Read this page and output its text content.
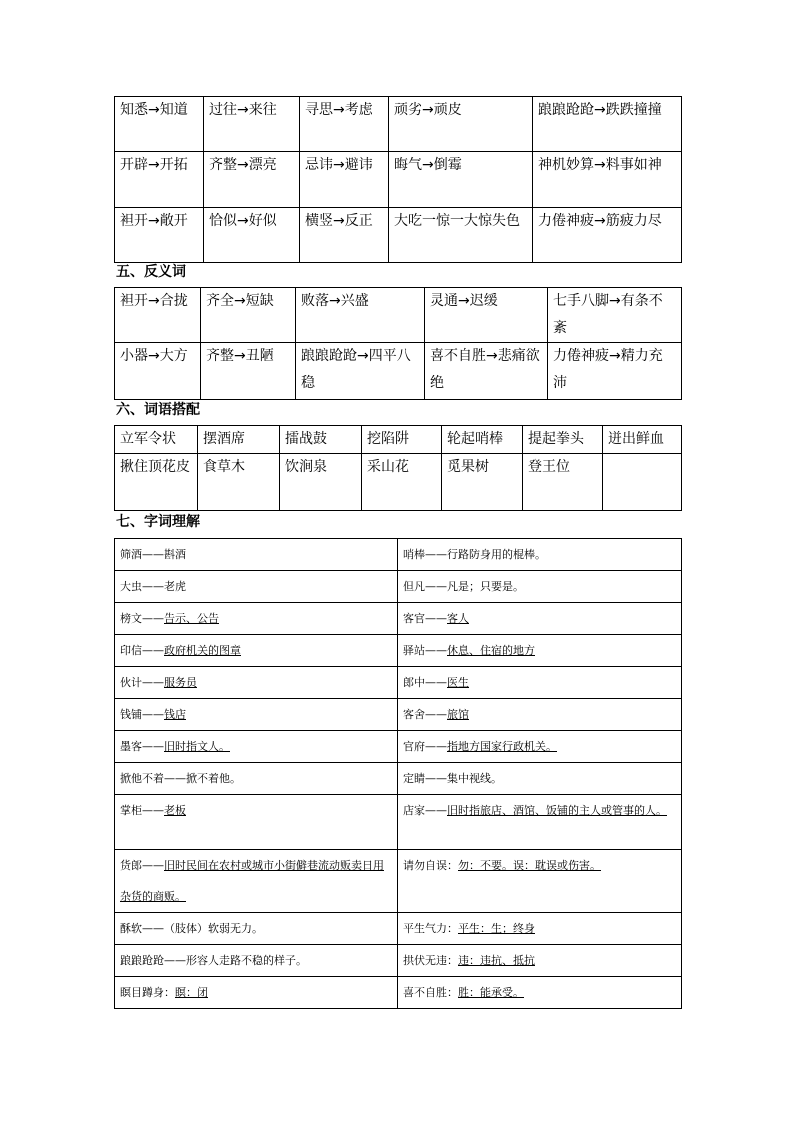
知悉→知道	过往→来往	寻思→考虑	顽劣→顽皮	踉踉跄跄→跌跌撞撞
开辟→开拓	齐整→漂亮	忌讳→避讳	晦气→倒霉	神机妙算→料事如神
袒开→敞开	恰似→好似	横竖→反正	大吃一惊一大惊失色	力倦神疲→筋疲力尽
五、反义词
袒开→合拢	齐全→短缺	败落→兴盛	灵通→迟缓	七手八脚→有条不紊
小器→大方	齐整→丑陋	踉踉跄跄→四平八稳	喜不自胜→悲痛欲绝	力倦神疲→精力充沛
六、词语搭配
立军令状	摆酒席	擂战鼓	挖陷阱	轮起哨棒	提起拳头	迸出鲜血
揪住顶花皮	食草木	饮涧泉	采山花	觅果树	登王位	
七、字词理解
筛酒——斟酒	哨棒——行路防身用的棍棒。
大虫——老虎	但凡——凡是；只要是。
榜文——告示、公告	客官——客人
印信——政府机关的图章	驿站——休息、住宿的地方
伙计——服务员	郎中——医生
钱铺——钱店	客舍——旅馆
墨客——旧时指文人。	官府——指地方国家行政机关。
掀他不着——掀不着他。	定睛——集中视线。
掌柜——老板	店家——旧时指旅店、酒馆、饭铺的主人或管事的人。
货郎——旧时民间在农村或城市小街僻巷流动贩卖日用杂货的商贩。	请勿自误：勿：不要。误：耽误或伤害。
酥软——（肢体）软弱无力。	平生气力：平生：生；终身
踉踉跄跄——形容人走路不稳的样子。	拱伏无违：违：违抗、抵抗
瞑目蹲身：瞑：闭	喜不自胜：胜：能承受。
